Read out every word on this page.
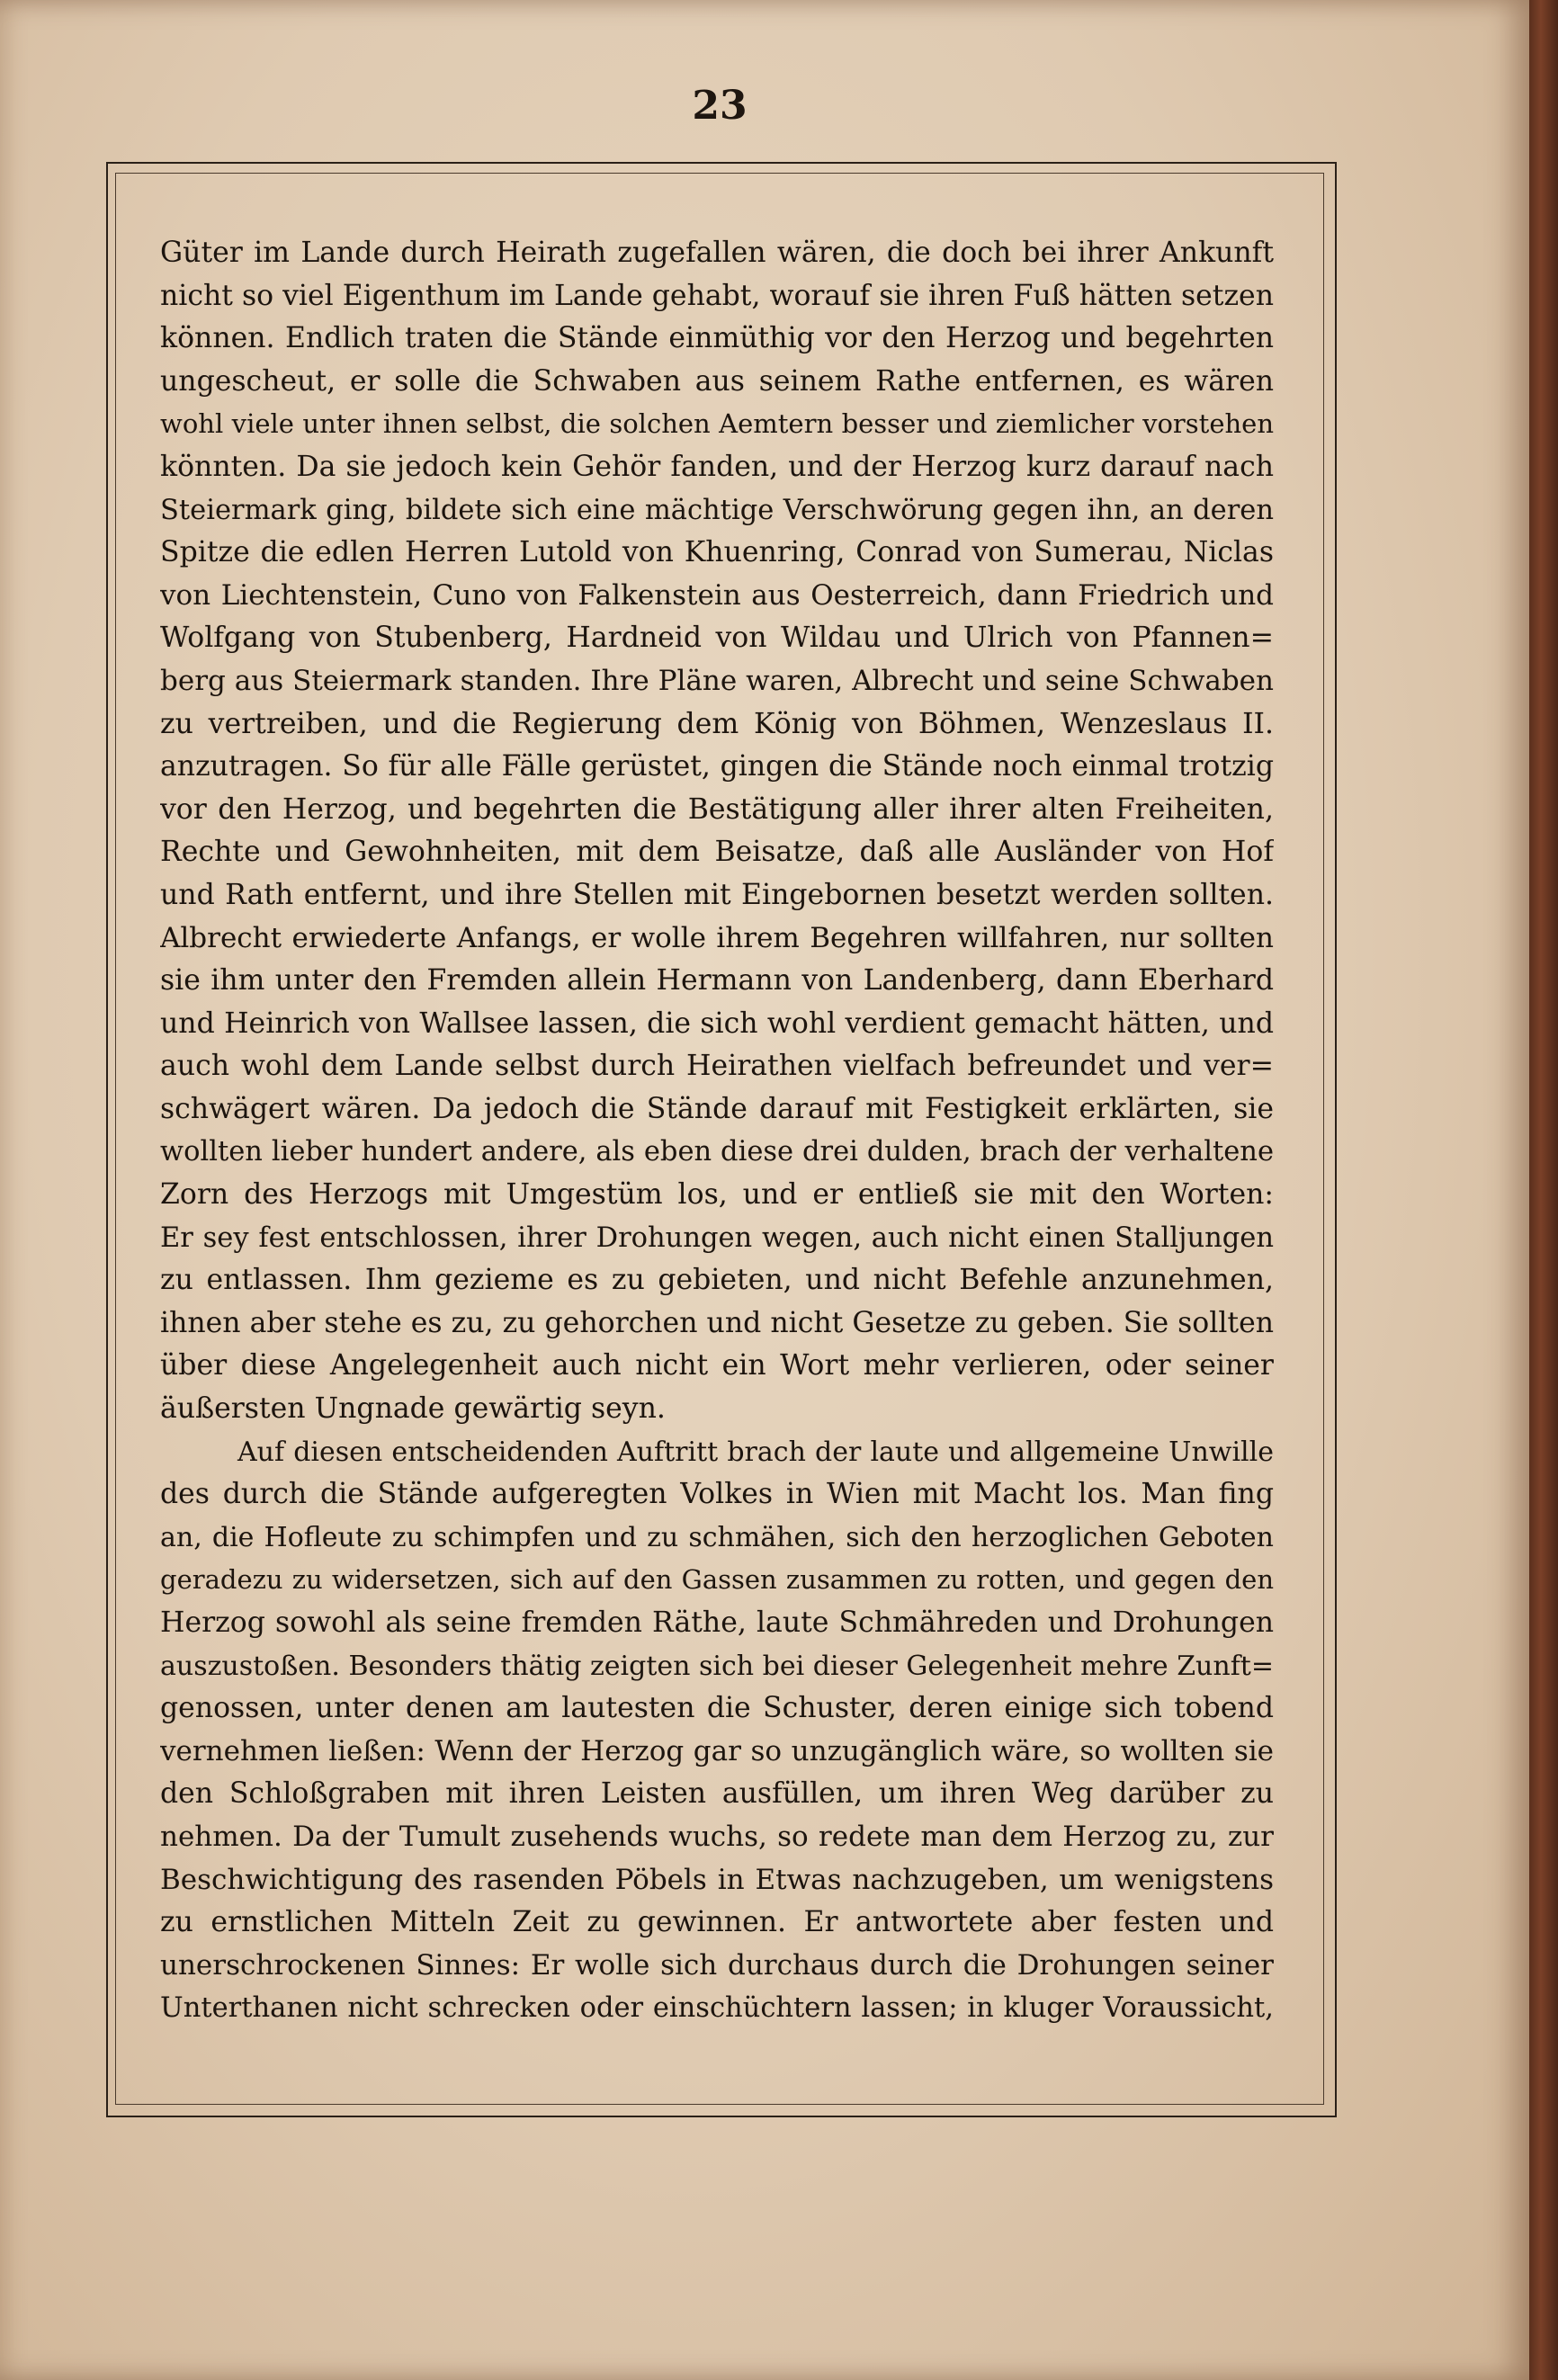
23
Güter im Lande durch Heirath zugefallen wären, die doch bei ihrer Ankunft
nicht so viel Eigenthum im Lande gehabt, worauf sie ihren Fuß hätten setzen
können. Endlich traten die Stände einmüthig vor den Herzog und begehrten
ungescheut, er solle die Schwaben aus seinem Rathe entfernen, es wären
wohl viele unter ihnen selbst, die solchen Aemtern besser und ziemlicher vorstehen
könnten. Da sie jedoch kein Gehör fanden, und der Herzog kurz darauf nach
Steiermark ging, bildete sich eine mächtige Verschwörung gegen ihn, an deren
Spitze die edlen Herren Lutold von Khuenring, Conrad von Sumerau, Niclas
von Liechtenstein, Cuno von Falkenstein aus Oesterreich, dann Friedrich und
Wolfgang von Stubenberg, Hardneid von Wildau und Ulrich von Pfannen=
berg aus Steiermark standen. Ihre Pläne waren, Albrecht und seine Schwaben
zu vertreiben, und die Regierung dem König von Böhmen, Wenzeslaus II.
anzutragen. So für alle Fälle gerüstet, gingen die Stände noch einmal trotzig
vor den Herzog, und begehrten die Bestätigung aller ihrer alten Freiheiten,
Rechte und Gewohnheiten, mit dem Beisatze, daß alle Ausländer von Hof
und Rath entfernt, und ihre Stellen mit Eingebornen besetzt werden sollten.
Albrecht erwiederte Anfangs, er wolle ihrem Begehren willfahren, nur sollten
sie ihm unter den Fremden allein Hermann von Landenberg, dann Eberhard
und Heinrich von Wallsee lassen, die sich wohl verdient gemacht hätten, und
auch wohl dem Lande selbst durch Heirathen vielfach befreundet und ver=
schwägert wären. Da jedoch die Stände darauf mit Festigkeit erklärten, sie
wollten lieber hundert andere, als eben diese drei dulden, brach der verhaltene
Zorn des Herzogs mit Umgestüm los, und er entließ sie mit den Worten:
Er sey fest entschlossen, ihrer Drohungen wegen, auch nicht einen Stalljungen
zu entlassen. Ihm gezieme es zu gebieten, und nicht Befehle anzunehmen,
ihnen aber stehe es zu, zu gehorchen und nicht Gesetze zu geben. Sie sollten
über diese Angelegenheit auch nicht ein Wort mehr verlieren, oder seiner
äußersten Ungnade gewärtig seyn.
Auf diesen entscheidenden Auftritt brach der laute und allgemeine Unwille
des durch die Stände aufgeregten Volkes in Wien mit Macht los. Man fing
an, die Hofleute zu schimpfen und zu schmähen, sich den herzoglichen Geboten
geradezu zu widersetzen, sich auf den Gassen zusammen zu rotten, und gegen den
Herzog sowohl als seine fremden Räthe, laute Schmähreden und Drohungen
auszustoßen. Besonders thätig zeigten sich bei dieser Gelegenheit mehre Zunft=
genossen, unter denen am lautesten die Schuster, deren einige sich tobend
vernehmen ließen: Wenn der Herzog gar so unzugänglich wäre, so wollten sie
den Schloßgraben mit ihren Leisten ausfüllen, um ihren Weg darüber zu
nehmen. Da der Tumult zusehends wuchs, so redete man dem Herzog zu, zur
Beschwichtigung des rasenden Pöbels in Etwas nachzugeben, um wenigstens
zu ernstlichen Mitteln Zeit zu gewinnen. Er antwortete aber festen und
unerschrockenen Sinnes: Er wolle sich durchaus durch die Drohungen seiner
Unterthanen nicht schrecken oder einschüchtern lassen; in kluger Voraussicht,
